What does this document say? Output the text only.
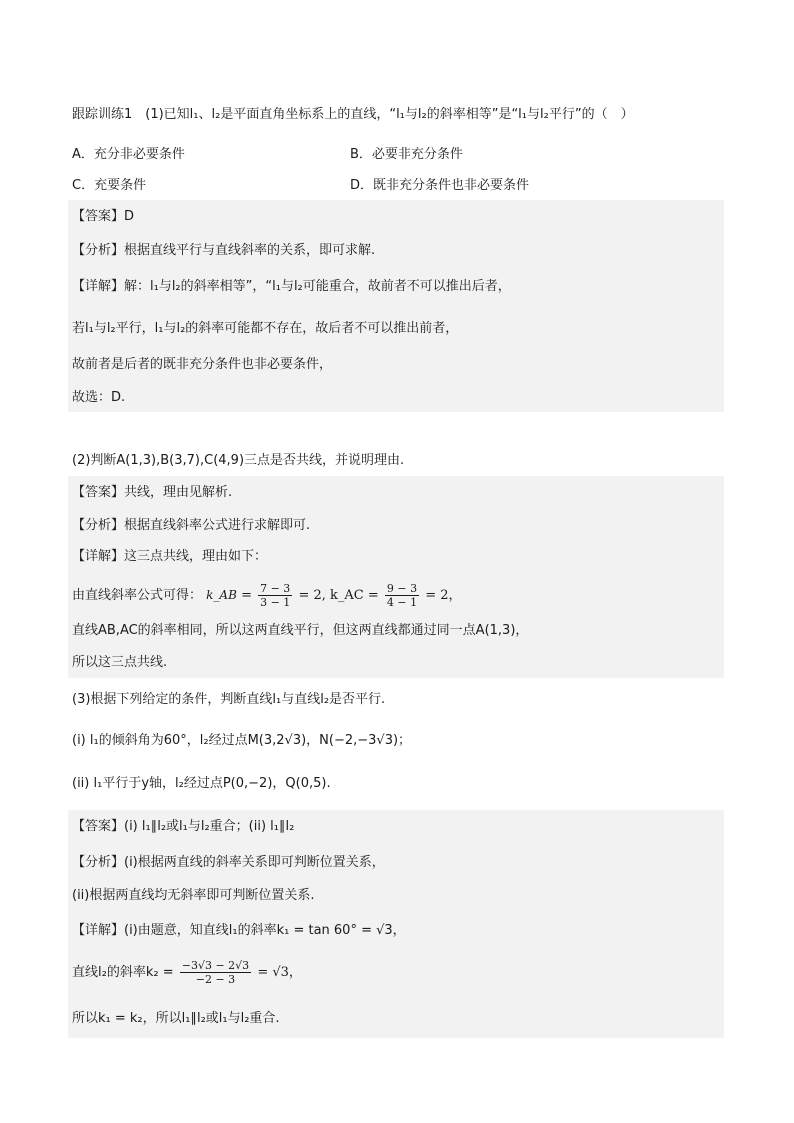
跟踪训练1　(1)已知l₁、l₂是平面直角坐标系上的直线，“l₁与l₂的斜率相等”是“l₁与l₂平行”的（　）
A．充分非必要条件	B．必要非充分条件
C．充要条件	D．既非充分条件也非必要条件
【答案】D
【分析】根据直线平行与直线斜率的关系，即可求解.
【详解】解：l₁与l₂的斜率相等”，“l₁与l₂可能重合，故前者不可以推出后者，
若l₁与l₂平行，l₁与l₂的斜率可能都不存在，故后者不可以推出前者，
故前者是后者的既非充分条件也非必要条件，
故选：D.
(2)判断A(1,3),B(3,7),C(4,9)三点是否共线，并说明理由.
【答案】共线，理由见解析.
【分析】根据直线斜率公式进行求解即可.
【详解】这三点共线，理由如下：
由直线斜率公式可得： k_AB = $\frac{7 - 3}{3 - 1} = 2$, k_AC = $\frac{9 - 3}{4 - 1} = 2$，
直线AB,AC的斜率相同，所以这两直线平行，但这两直线都通过同一点A(1,3)，
所以这三点共线.
(3)根据下列给定的条件，判断直线l₁与直线l₂是否平行.
(i) l₁的倾斜角为60°，l₂经过点M(3,2√3)，N(−2,−3√3)；
(ii) l₁平行于y轴，l₂经过点P(0,−2)，Q(0,5).
【答案】(i) l₁∥l₂或l₁与l₂重合；(ii) l₁∥l₂
【分析】(i)根据两直线的斜率关系即可判断位置关系，
(ii)根据两直线均无斜率即可判断位置关系.
【详解】(i)由题意，知直线l₁的斜率k₁ = tan 60° = √3，
直线l₂的斜率$k_2 = \frac{-3√3 - 2√3}{-2 - 3} = √3$，
所以k₁ = k₂，所以l₁∥l₂或l₁与l₂重合.
